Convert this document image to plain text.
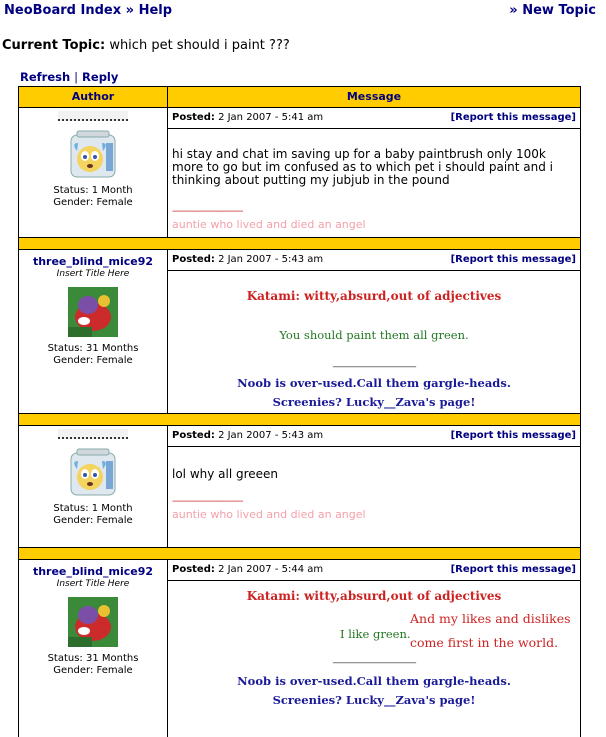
NeoBoard Index » Help	» New Topic
Current Topic: which pet should i paint ???
Refresh | Reply
Author	Message
Status: 1 Month
Gender: Female
Posted: 2 Jan 2007 - 5:41 am	[Report this message]
hi stay and chat im saving up for a baby paintbrush only 100k more to go but im confused as to which pet i should paint and i thinking about putting my jubjub in the pound
---------------------------
auntie who lived and died an angel
three_blind_mice92
Insert Title Here
Status: 31 Months
Gender: Female
Posted: 2 Jan 2007 - 5:43 am	[Report this message]
Katami: witty,absurd,out of adjectives
You should paint them all green.
-------------------------------------
Noob is over-used.Call them gargle-heads.
Screenies? Lucky__Zava's page!
Status: 1 Month
Gender: Female
Posted: 2 Jan 2007 - 5:43 am	[Report this message]
lol why all greeen
---------------------------
auntie who lived and died an angel
three_blind_mice92
Insert Title Here
Status: 31 Months
Gender: Female
Posted: 2 Jan 2007 - 5:44 am	[Report this message]
Katami: witty,absurd,out of adjectives
I like green.
And my likes and dislikes
come first in the world.
-------------------------------------
Noob is over-used.Call them gargle-heads.
Screenies? Lucky__Zava's page!
